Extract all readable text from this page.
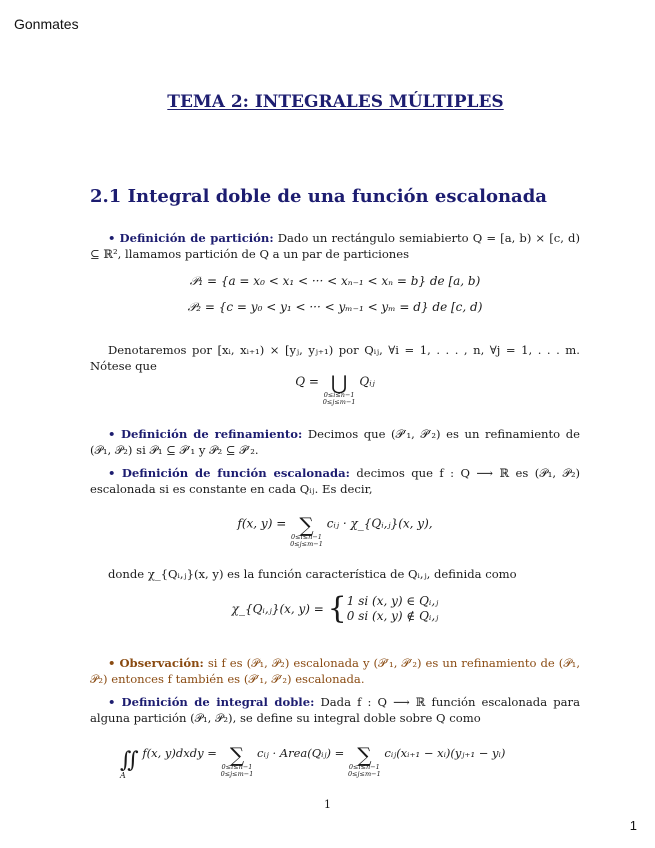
Gonmates
TEMA 2: INTEGRALES MÚLTIPLES
2.1 Integral doble de una función escalonada
• Definición de partición: Dado un rectángulo semiabierto Q = [a, b) × [c, d) ⊆ ℝ², llamamos partición de Q a un par de particiones
𝒫₁ = {a = x₀ < x₁ < ··· < xₙ₋₁ < xₙ = b} de [a, b)
𝒫₂ = {c = y₀ < y₁ < ··· < yₘ₋₁ < yₘ = d} de [c, d)
Denotaremos por [xᵢ, xᵢ₊₁) × [yⱼ, yⱼ₊₁) por Qᵢⱼ, ∀i = 1, . . . , n, ∀j = 1, . . . m. Nótese que
Q = ⋃
0≤i≤n−1
0≤j≤m−1
Qᵢⱼ
• Definición de refinamiento: Decimos que (𝒫′₁, 𝒫′₂) es un refinamiento de (𝒫₁, 𝒫₂) si 𝒫₁ ⊆ 𝒫′₁ y 𝒫₂ ⊆ 𝒫′₂.
• Definición de función escalonada: decimos que f : Q ⟶ ℝ es (𝒫₁, 𝒫₂) escalonada si es constante en cada Qᵢⱼ. Es decir,
f(x, y) = ∑
0≤i≤n−1
0≤j≤m−1
cᵢⱼ · χ_{Qᵢ,ⱼ}(x, y),
donde χ_{Qᵢ,ⱼ}(x, y) es la función característica de Qᵢ,ⱼ, definida como
χ_{Qᵢ,ⱼ}(x, y) = { 1 si (x, y) ∈ Qᵢ,ⱼ
0 si (x, y) ∉ Qᵢ,ⱼ
• Observación: si f es (𝒫₁, 𝒫₂) escalonada y (𝒫′₁, 𝒫′₂) es un refinamiento de (𝒫₁, 𝒫₂) entonces f también es (𝒫′₁, 𝒫′₂) escalonada.
• Definición de integral doble: Dada f : Q ⟶ ℝ función escalonada para alguna partición (𝒫₁, 𝒫₂), se define su integral doble sobre Q como
∬
A
f(x, y)dxdy = ∑
0≤i≤n−1
0≤j≤m−1
cᵢⱼ · Area(Qᵢⱼ) = ∑
0≤i≤n−1
0≤j≤m−1
cᵢⱼ(xᵢ₊₁ − xᵢ)(yⱼ₊₁ − yᵢ)
1
1
